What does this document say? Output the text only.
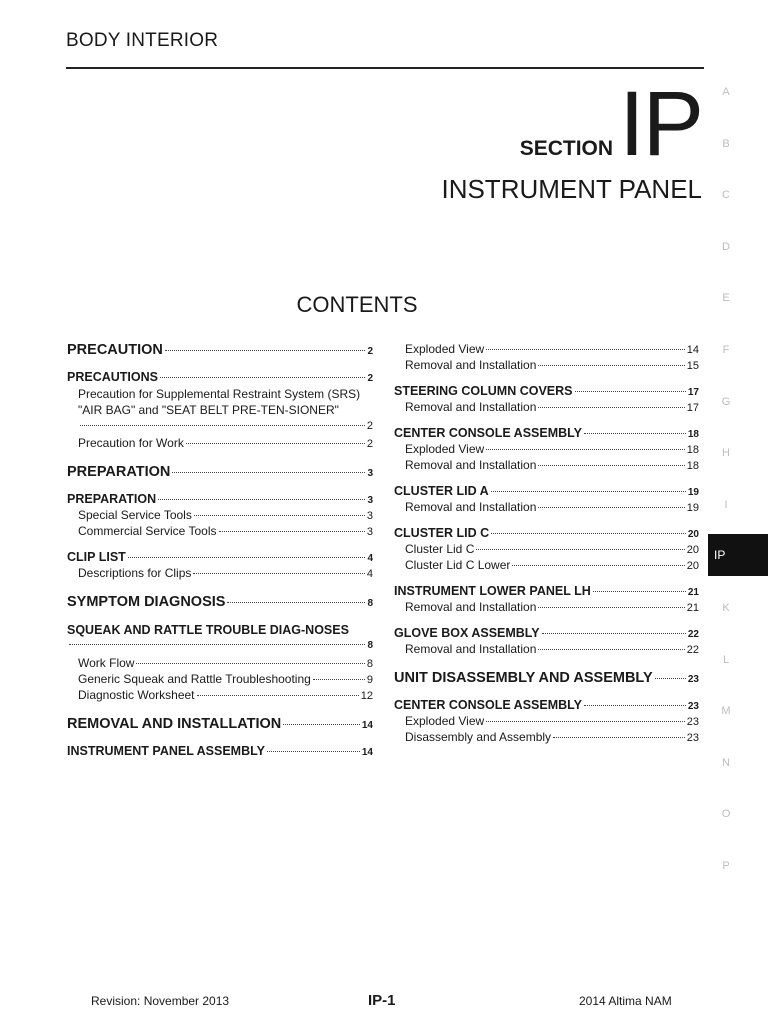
BODY INTERIOR
SECTION IP
INSTRUMENT PANEL
CONTENTS
PRECAUTION	2
PRECAUTIONS	2
Precaution for Supplemental Restraint System (SRS) "AIR BAG" and "SEAT BELT PRE-TEN-SIONER"
2
Precaution for Work	2
PREPARATION	3
PREPARATION	3
Special Service Tools	3
Commercial Service Tools	3
CLIP LIST	4
Descriptions for Clips	4
SYMPTOM DIAGNOSIS	8
SQUEAK AND RATTLE TROUBLE DIAG-NOSES
8
Work Flow	8
Generic Squeak and Rattle Troubleshooting	9
Diagnostic Worksheet	12
REMOVAL AND INSTALLATION	14
INSTRUMENT PANEL ASSEMBLY	14
Exploded View	14
Removal and Installation	15
STEERING COLUMN COVERS	17
Removal and Installation	17
CENTER CONSOLE ASSEMBLY	18
Exploded View	18
Removal and Installation	18
CLUSTER LID A	19
Removal and Installation	19
CLUSTER LID C	20
Cluster Lid C	20
Cluster Lid C Lower	20
INSTRUMENT LOWER PANEL LH	21
Removal and Installation	21
GLOVE BOX ASSEMBLY	22
Removal and Installation	22
UNIT DISASSEMBLY AND ASSEMBLY	23
CENTER CONSOLE ASSEMBLY	23
Exploded View	23
Disassembly and Assembly	23
A
B
C
D
E
F
G
H
I
K
L
M
N
O
P
IP
Revision: November 2013	IP-1	2014 Altima NAM
